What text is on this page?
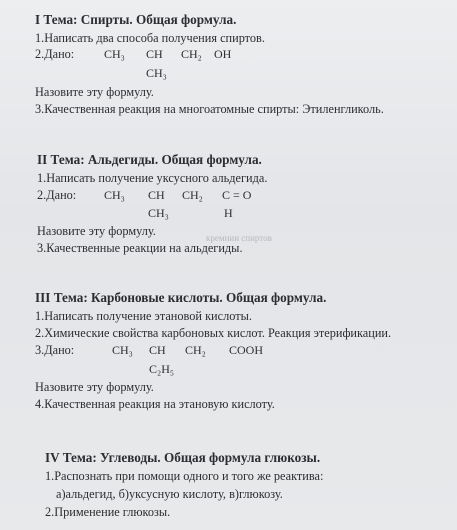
I Тема: Спирты. Общая формула.
1.Написать два способа получения спиртов.
2.Дано: CH₃ CH CH₂ OH
CH₃
Назовите эту формулу.
3.Качественная реакция на многоатомные спирты: Этиленгликоль.
II Тема: Альдегиды. Общая формула.
1.Написать получение уксусного альдегида.
2.Дано: CH₃ CH CH₂ C = O
CH₃	H
Назовите эту формулу.	кремнии спиртов
3.Качественные реакции на альдегиды.
III Тема: Карбоновые кислоты. Общая формула.
1.Написать получение этановой кислоты.
2.Химические свойства карбоновых кислот. Реакция этерификации.
3.Дано:	CH₃ CH CH₂ COOH
C₂H₅
Назовите эту формулу.
4.Качественная реакция на этановую кислоту.
IV Тема: Углеводы. Общая формула глюкозы.
1.Распознать при помощи одного и того же реактива:
а)альдегид, б)уксусную кислоту, в)глюкозу.
2.Применение глюкозы.
